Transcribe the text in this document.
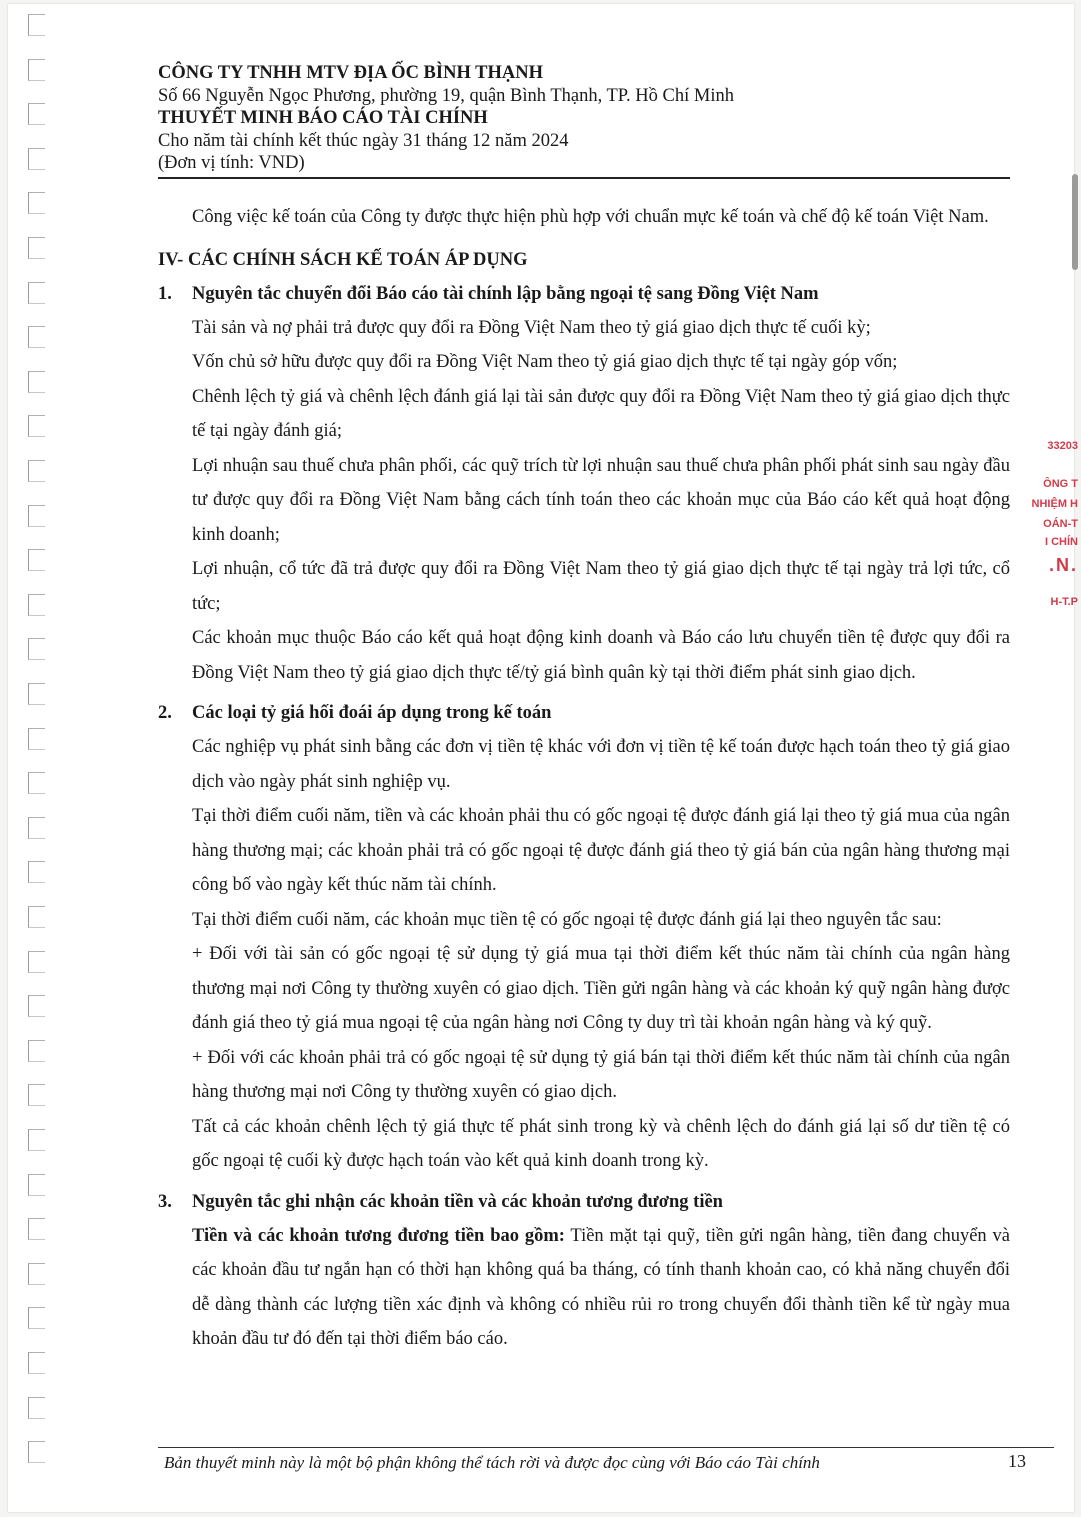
CÔNG TY TNHH MTV ĐỊA ỐC BÌNH THẠNH
Số 66 Nguyễn Ngọc Phương, phường 19, quận Bình Thạnh, TP. Hồ Chí Minh
THUYẾT MINH BÁO CÁO TÀI CHÍNH
Cho năm tài chính kết thúc ngày 31 tháng 12 năm 2024
(Đơn vị tính: VND)

Công việc kế toán của Công ty được thực hiện phù hợp với chuẩn mực kế toán và chế độ kế toán Việt Nam.

IV- CÁC CHÍNH SÁCH KẾ TOÁN ÁP DỤNG
1.	Nguyên tắc chuyển đổi Báo cáo tài chính lập bằng ngoại tệ sang Đồng Việt Nam

Tài sản và nợ phải trả được quy đổi ra Đồng Việt Nam theo tỷ giá giao dịch thực tế cuối kỳ;

Vốn chủ sở hữu được quy đổi ra Đồng Việt Nam theo tỷ giá giao dịch thực tế tại ngày góp vốn;

Chênh lệch tỷ giá và chênh lệch đánh giá lại tài sản được quy đổi ra Đồng Việt Nam theo tỷ giá giao dịch thực tế tại ngày đánh giá;

Lợi nhuận sau thuế chưa phân phối, các quỹ trích từ lợi nhuận sau thuế chưa phân phối phát sinh sau ngày đầu tư được quy đổi ra Đồng Việt Nam bằng cách tính toán theo các khoản mục của Báo cáo kết quả hoạt động kinh doanh;

Lợi nhuận, cổ tức đã trả được quy đổi ra Đồng Việt Nam theo tỷ giá giao dịch thực tế tại ngày trả lợi tức, cổ tức;

Các khoản mục thuộc Báo cáo kết quả hoạt động kinh doanh và Báo cáo lưu chuyển tiền tệ được quy đổi ra Đồng Việt Nam theo tỷ giá giao dịch thực tế/tỷ giá bình quân kỳ tại thời điểm phát sinh giao dịch.

2.	Các loại tỷ giá hối đoái áp dụng trong kế toán

Các nghiệp vụ phát sinh bằng các đơn vị tiền tệ khác với đơn vị tiền tệ kế toán được hạch toán theo tỷ giá giao dịch vào ngày phát sinh nghiệp vụ.

Tại thời điểm cuối năm, tiền và các khoản phải thu có gốc ngoại tệ được đánh giá lại theo tỷ giá mua của ngân hàng thương mại; các khoản phải trả có gốc ngoại tệ được đánh giá theo tỷ giá bán của ngân hàng thương mại công bố vào ngày kết thúc năm tài chính.

Tại thời điểm cuối năm, các khoản mục tiền tệ có gốc ngoại tệ được đánh giá lại theo nguyên tắc sau:

+ Đối với tài sản có gốc ngoại tệ sử dụng tỷ giá mua tại thời điểm kết thúc năm tài chính của ngân hàng thương mại nơi Công ty thường xuyên có giao dịch. Tiền gửi ngân hàng và các khoản ký quỹ ngân hàng được đánh giá theo tỷ giá mua ngoại tệ của ngân hàng nơi Công ty duy trì tài khoản ngân hàng và ký quỹ.

+ Đối với các khoản phải trả có gốc ngoại tệ sử dụng tỷ giá bán tại thời điểm kết thúc năm tài chính của ngân hàng thương mại nơi Công ty thường xuyên có giao dịch.

Tất cả các khoản chênh lệch tỷ giá thực tế phát sinh trong kỳ và chênh lệch do đánh giá lại số dư tiền tệ có gốc ngoại tệ cuối kỳ được hạch toán vào kết quả kinh doanh trong kỳ.

3.	Nguyên tắc ghi nhận các khoản tiền và các khoản tương đương tiền

Tiền và các khoản tương đương tiền bao gồm: Tiền mặt tại quỹ, tiền gửi ngân hàng, tiền đang chuyển và các khoản đầu tư ngắn hạn có thời hạn không quá ba tháng, có tính thanh khoản cao, có khả năng chuyển đổi dễ dàng thành các lượng tiền xác định và không có nhiều rủi ro trong chuyển đổi thành tiền kể từ ngày mua khoản đầu tư đó đến tại thời điểm báo cáo.

Bản thuyết minh này là một bộ phận không thể tách rời và được đọc cùng với Báo cáo Tài chính	13
33203
ÔNG T
NHIỆM H
OÁN-T
I CHÍN
.N.
H-T.P
